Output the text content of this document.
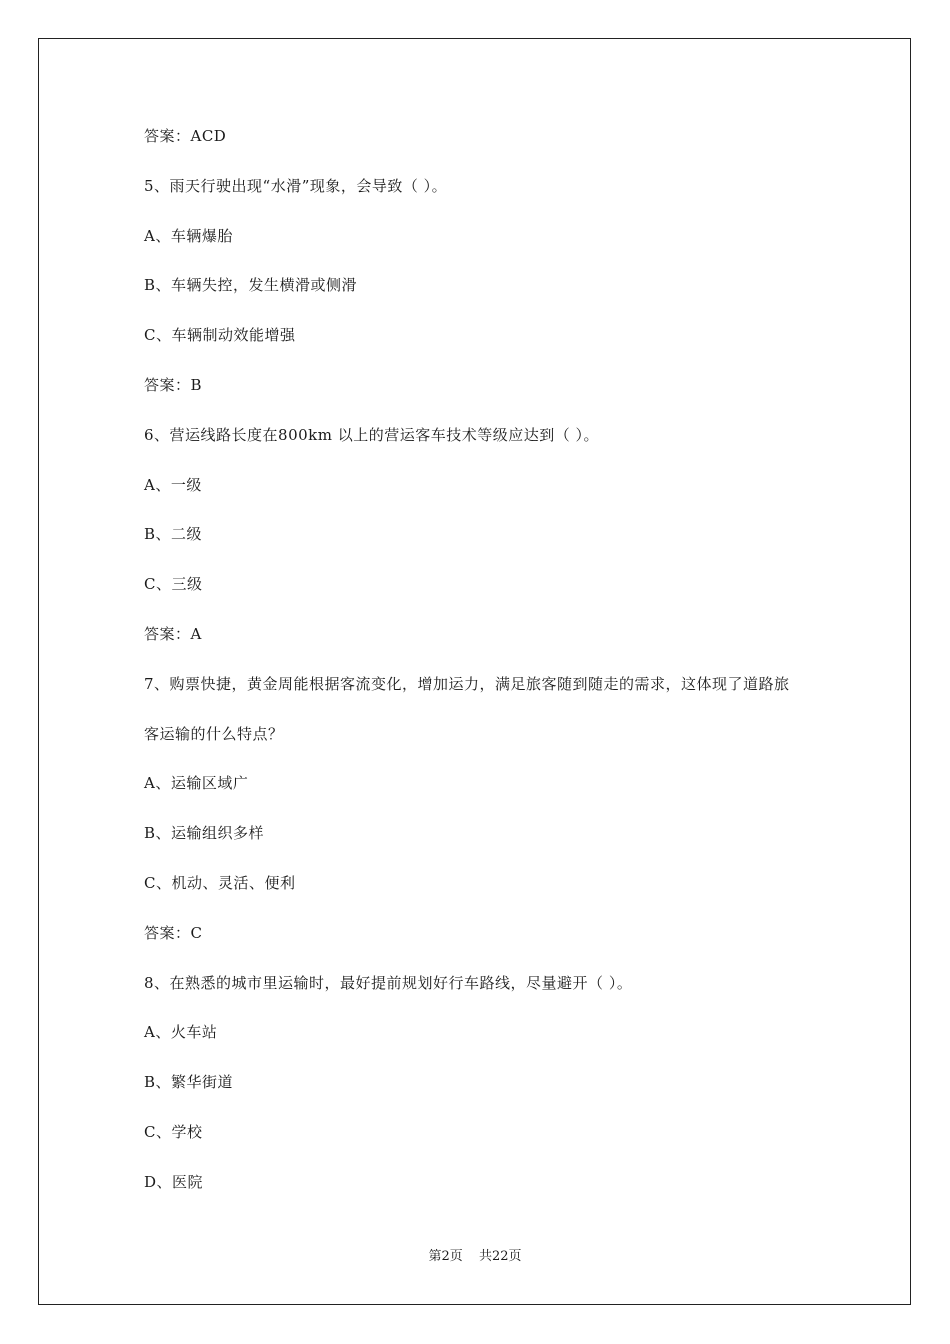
答案：ACD
5、雨天行驶出现“水滑”现象，会导致（ ）。
A、车辆爆胎
B、车辆失控，发生横滑或侧滑
C、车辆制动效能增强
答案：B
6、营运线路长度在800km 以上的营运客车技术等级应达到（ ）。
A、一级
B、二级
C、三级
答案：A
7、购票快捷，黄金周能根据客流变化，增加运力，满足旅客随到随走的需求，这体现了道路旅
客运输的什么特点？
A、运输区域广
B、运输组织多样
C、机动、灵活、便利
答案：C
8、在熟悉的城市里运输时，最好提前规划好行车路线，尽量避开（ ）。
A、火车站
B、繁华街道
C、学校
D、医院
第2页 共22页
